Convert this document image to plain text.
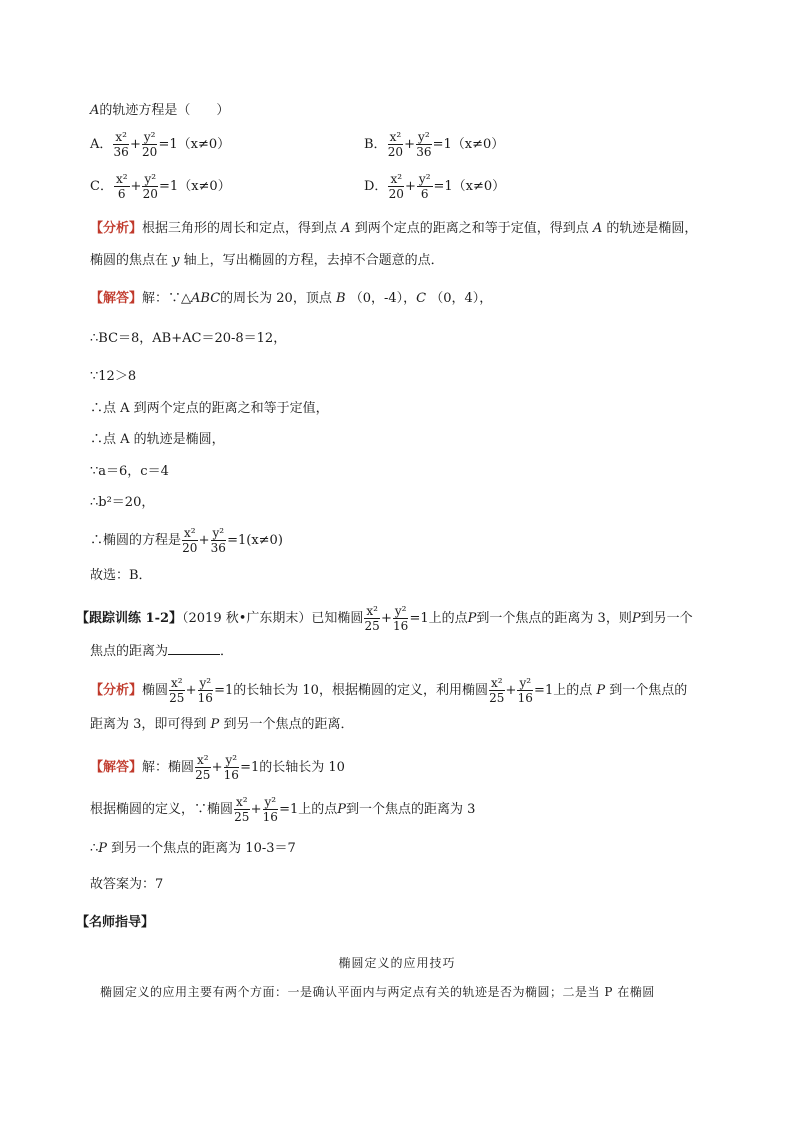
A的轨迹方程是（　　）
A． $\frac{\text{x²}}{36} + \frac{\text{y²}}{20} =1(x\ne 0)$	B． $\frac{\text{x²}}{20} + \frac{\text{y²}}{36} =1(x\ne 0)$
C． $\frac{\text{x²}}{6} + \frac{\text{y²}}{20} =1(x\ne 0)$	D． $\frac{\text{x²}}{20} + \frac{\text{y²}}{6} =1(x\ne 0)$
【分析】根据三角形的周长和定点，得到点 A 到两个定点的距离之和等于定值，得到点 A 的轨迹是椭圆，
椭圆的焦点在 y 轴上，写出椭圆的方程，去掉不合题意的点．
【解答】解：∵△ABC的周长为 20，顶点 B （0，-4），C （0，4），
∴BC＝8，AB+AC＝20-8＝12，
∵12＞8
∴点 A 到两个定点的距离之和等于定值，
∴点 A 的轨迹是椭圆，
∵a＝6，c＝4
∴b²＝20，
∴椭圆的方程是 $\frac{\text{x²}}{20} + \frac{\text{y²}}{36} =1(x\ne 0)$
故选：B．
【跟踪训练 1-2】（2019 秋•广东期末）已知椭圆 $\frac{\text{x²}}{25} + \frac{\text{y²}}{16} =1$上的点P到一个焦点的距离为 3，则P到另一个
焦点的距离为	．
【分析】椭圆 $\frac{\text{x²}}{25} + \frac{\text{y²}}{16} =1$的长轴长为 10，根据椭圆的定义，利用椭圆 $\frac{\text{x²}}{25} + \frac{\text{y²}}{16} =1$上的点 P 到一个焦点的
距离为 3，即可得到 P 到另一个焦点的距离．
【解答】解：椭圆 $\frac{\text{x²}}{25} + \frac{\text{y²}}{16} =1$的长轴长为 10
根据椭圆的定义，∵椭圆 $\frac{\text{x²}}{25} + \frac{\text{y²}}{16} =1$上的点P到一个焦点的距离为 3
∴P 到另一个焦点的距离为 10-3＝7
故答案为：7
【名师指导】
椭圆定义的应用技巧
椭圆定义的应用主要有两个方面：一是确认平面内与两定点有关的轨迹是否为椭圆；二是当 P 在椭圆
